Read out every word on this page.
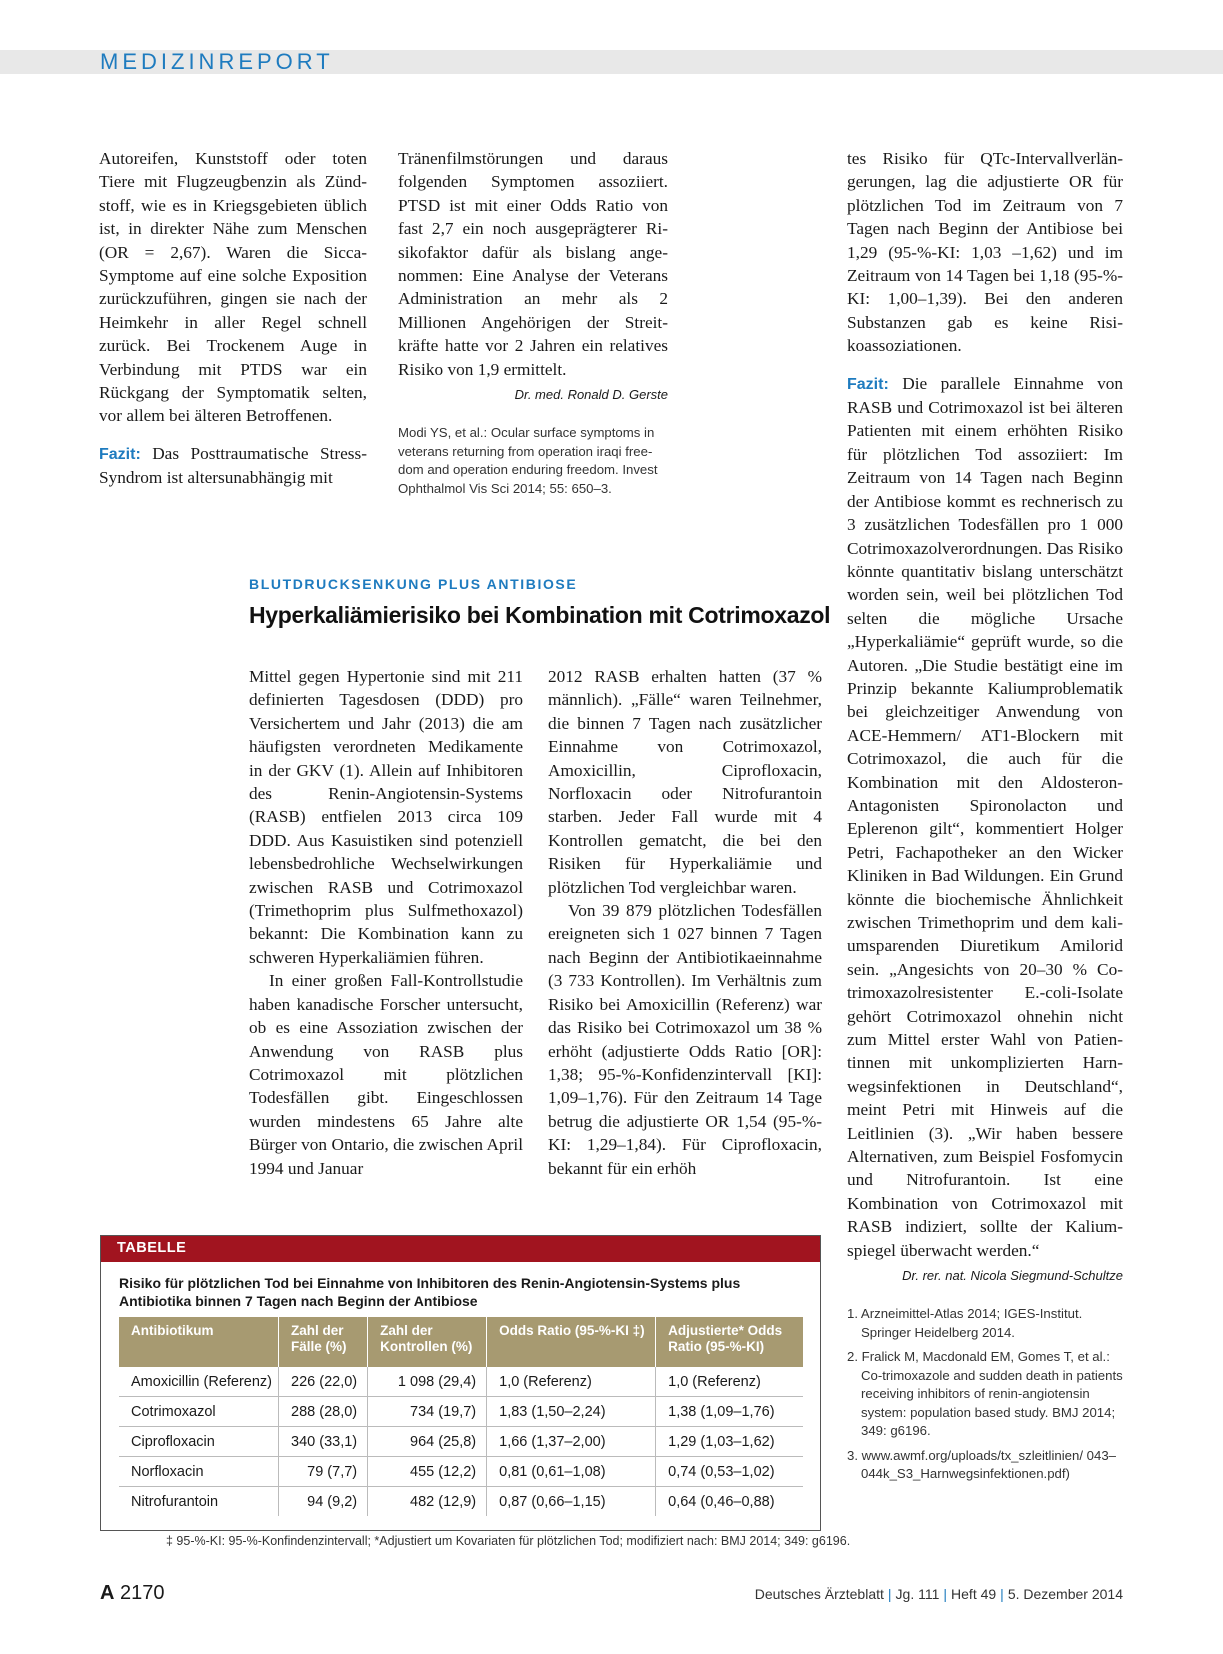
MEDIZINREPORT

Autoreifen, Kunststoff oder toten Tiere mit Flugzeugbenzin als Zündstoff, wie es in Kriegsgebieten üblich ist, in direkter Nähe zum Menschen (OR = 2,67). Waren die Sicca-Symptome auf eine solche Exposition zurückzuführen, gingen sie nach der Heimkehr in aller Regel schnell zurück. Bei Trockenem Auge in Verbindung mit PTDS war ein Rückgang der Symptomatik selten, vor allem bei älteren Betroffenen.

Fazit: Das Posttraumatische Stress-Syndrom ist altersunabhängig mit

Tränenfilmstörungen und daraus folgenden Symptomen assoziiert. PTSD ist mit einer Odds Ratio von fast 2,7 ein noch ausgeprägterer Risikofaktor dafür als bislang angenommen: Eine Analyse der Veterans Administration an mehr als 2 Millionen Angehörigen der Streitkräfte hatte vor 2 Jahren ein relatives Risiko von 1,9 ermittelt.

Dr. med. Ronald D. Gerste
Modi YS, et al.: Ocular surface symptoms in veterans returning from operation iraqi freedom and operation enduring freedom. Invest Ophthalmol Vis Sci 2014; 55: 650–3.

tes Risiko für QTc-Intervallverlängerungen, lag die adjustierte OR für plötzlichen Tod im Zeitraum von 7 Tagen nach Beginn der Antibiose bei 1,29 (95-%-KI: 1,03 –1,62) und im Zeitraum von 14 Tagen bei 1,18 (95-%-KI: 1,00–1,39). Bei den anderen Substanzen gab es keine Risikoassoziationen.

Fazit: Die parallele Einnahme von RASB und Cotrimoxazol ist bei älteren Patienten mit einem erhöhten Risiko für plötzlichen Tod assoziiert: Im Zeitraum von 14 Tagen nach Beginn der Antibiose kommt es rechnerisch zu 3 zusätzlichen Todesfällen pro 1 000 Cotrimoxazolverordnungen. Das Risiko könnte quantitativ bislang unterschätzt worden sein, weil bei plötzlichen Tod selten die mögliche Ursache „Hyperkaliämie“ geprüft wurde, so die Autoren. „Die Studie bestätigt eine im Prinzip bekannte Kaliumproblematik bei gleichzeitiger Anwendung von ACE-Hemmern/ AT1-Blockern mit Cotrimoxazol, die auch für die Kombination mit den Aldosteron-Antagonisten Spironolacton und Eplerenon gilt“, kommentiert Holger Petri, Fachapotheker an den Wicker Kliniken in Bad Wildungen. Ein Grund könnte die biochemische Ähnlichkeit zwischen Trimethoprim und dem kaliumsparenden Diuretikum Amilorid sein. „Angesichts von 20–30 % Cotrimoxazolresistenter E.-coli-Isolate gehört Cotrimoxazol ohnehin nicht zum Mittel erster Wahl von Patientinnen mit unkomplizierten Harnwegsinfektionen in Deutschland“, meint Petri mit Hinweis auf die Leitlinien (3). „Wir haben bessere Alternativen, zum Beispiel Fosfomycin und Nitrofurantoin. Ist eine Kombination von Cotrimoxazol mit RASB indiziert, sollte der Kaliumspiegel überwacht werden.“

Dr. rer. nat. Nicola Siegmund-Schultze
1. Arzneimittel-Atlas 2014; IGES-Institut. Springer Heidelberg 2014.
2. Fralick M, Macdonald EM, Gomes T, et al.: Co-trimoxazole and sudden death in patients receiving inhibitors of renin-angiotensin system: population based study. BMJ 2014; 349: g6196.
3. www.awmf.org/uploads/tx_szleitlinien/ 043–044k_S3_Harnwegsinfektionen.pdf)
BLUTDRUCKSENKUNG PLUS ANTIBIOSE
Hyperkaliämierisiko bei Kombination mit Cotrimoxazol

Mittel gegen Hypertonie sind mit 211 definierten Tagesdosen (DDD) pro Versichertem und Jahr (2013) die am häufigsten verordneten Medikamente in der GKV (1). Allein auf Inhibitoren des Renin-Angiotensin-Systems (RASB) entfielen 2013 circa 109 DDD. Aus Kasuistiken sind potenziell lebensbedrohliche Wechselwirkungen zwischen RASB und Cotrimoxazol (Trimethoprim plus Sulfmethoxazol) bekannt: Die Kombination kann zu schweren Hyperkaliämien führen.

In einer großen Fall-Kontrollstudie haben kanadische Forscher untersucht, ob es eine Assoziation zwischen der Anwendung von RASB plus Cotrimoxazol mit plötzlichen Todesfällen gibt. Eingeschlossen wurden mindestens 65 Jahre alte Bürger von Ontario, die zwischen April 1994 und Januar

2012 RASB erhalten hatten (37 % männlich). „Fälle“ waren Teilnehmer, die binnen 7 Tagen nach zusätzlicher Einnahme von Cotrimoxazol, Amoxicillin, Ciprofloxacin, Norfloxacin oder Nitrofurantoin starben. Jeder Fall wurde mit 4 Kontrollen gematcht, die bei den Risiken für Hyperkaliämie und plötzlichen Tod vergleichbar waren.

Von 39 879 plötzlichen Todesfällen ereigneten sich 1 027 binnen 7 Tagen nach Beginn der Antibiotikaeinnahme (3 733 Kontrollen). Im Verhältnis zum Risiko bei Amoxicillin (Referenz) war das Risiko bei Cotrimoxazol um 38 % erhöht (adjustierte Odds Ratio [OR]: 1,38; 95-%-Konfidenzintervall [KI]: 1,09–1,76). Für den Zeitraum 14 Tage betrug die adjustierte OR 1,54 (95-%-KI: 1,29–1,84). Für Ciprofloxacin, bekannt für ein erhöh

TABELLE
Risiko für plötzlichen Tod bei Einnahme von Inhibitoren des Renin-Angiotensin-Systems plus Antibiotika binnen 7 Tagen nach Beginn der Antibiose
Antibiotikum	Zahl der Fälle (%)	Zahl der Kontrollen (%)	Odds Ratio (95-%-KI ‡)	Adjustierte* Odds Ratio (95-%-KI)
Amoxicillin (Referenz)	226 (22,0)	1 098 (29,4)	1,0 (Referenz)	1,0 (Referenz)
Cotrimoxazol	288 (28,0)	734 (19,7)	1,83 (1,50–2,24)	1,38 (1,09–1,76)
Ciprofloxacin	340 (33,1)	964 (25,8)	1,66 (1,37–2,00)	1,29 (1,03–1,62)
Norfloxacin	79 (7,7)	455 (12,2)	0,81 (0,61–1,08)	0,74 (0,53–1,02)
Nitrofurantoin	94 (9,2)	482 (12,9)	0,87 (0,66–1,15)	0,64 (0,46–0,88)
‡ 95-%-KI: 95-%-Konfindenzintervall; *Adjustiert um Kovariaten für plötzlichen Tod; modifiziert nach: BMJ 2014; 349: g6196.
A 2170	Deutsches Ärzteblatt | Jg. 111 | Heft 49 | 5. Dezember 2014
